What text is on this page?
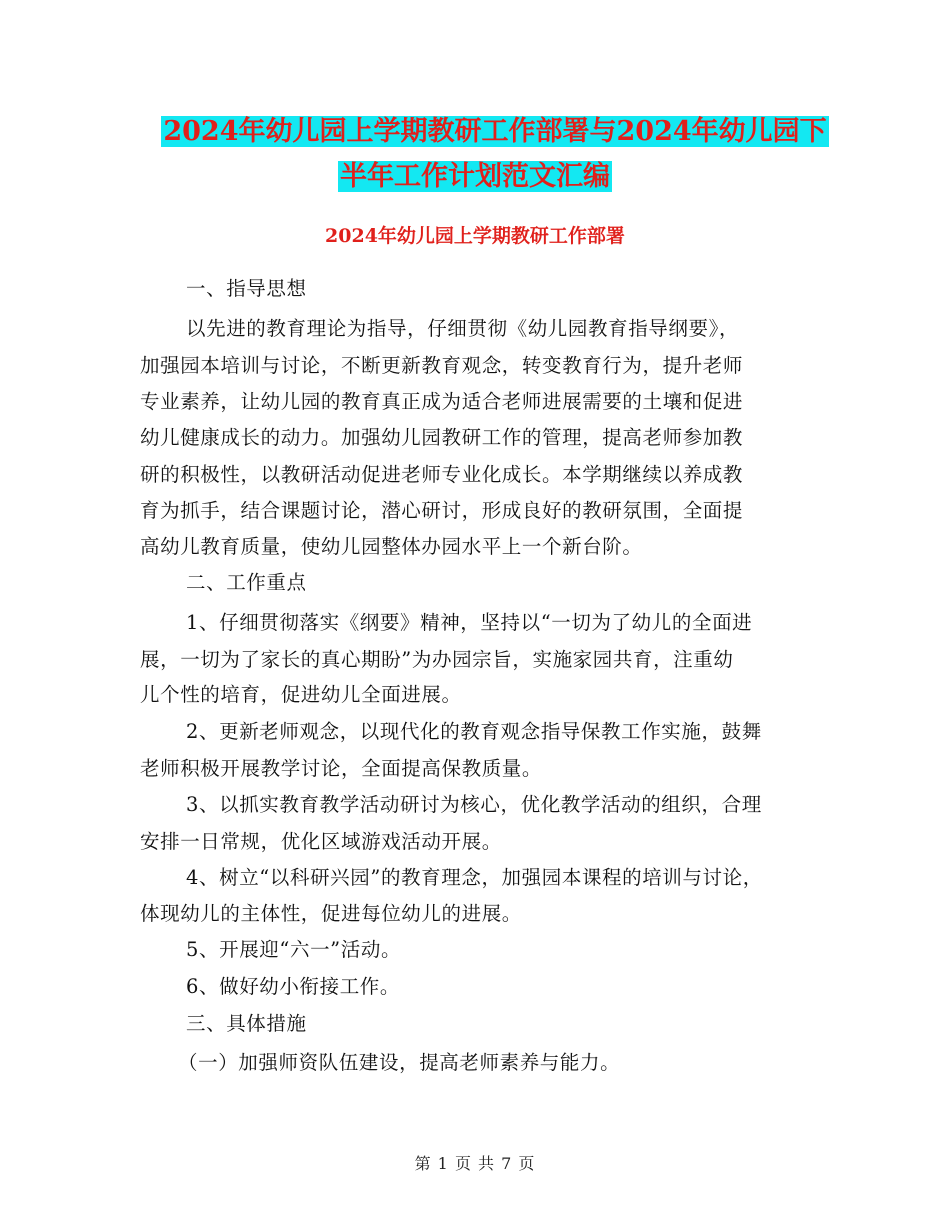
2024年幼儿园上学期教研工作部署与2024年幼儿园下
半年工作计划范文汇编
2024年幼儿园上学期教研工作部署
一、指导思想
以先进的教育理论为指导，仔细贯彻《幼儿园教育指导纲要》，
加强园本培训与讨论，不断更新教育观念，转变教育行为，提升老师
专业素养，让幼儿园的教育真正成为适合老师进展需要的土壤和促进
幼儿健康成长的动力。加强幼儿园教研工作的管理，提高老师参加教
研的积极性，以教研活动促进老师专业化成长。本学期继续以养成教
育为抓手，结合课题讨论，潜心研讨，形成良好的教研氛围，全面提
高幼儿教育质量，使幼儿园整体办园水平上一个新台阶。
二、工作重点
1、仔细贯彻落实《纲要》精神，坚持以“一切为了幼儿的全面进
展，一切为了家长的真心期盼”为办园宗旨，实施家园共育，注重幼
儿个性的培育，促进幼儿全面进展。
2、更新老师观念，以现代化的教育观念指导保教工作实施，鼓舞
老师积极开展教学讨论，全面提高保教质量。
3、以抓实教育教学活动研讨为核心，优化教学活动的组织，合理
安排一日常规，优化区域游戏活动开展。
4、树立“以科研兴园”的教育理念，加强园本课程的培训与讨论，
体现幼儿的主体性，促进每位幼儿的进展。
5、开展迎“六一”活动。
6、做好幼小衔接工作。
三、具体措施
（一）加强师资队伍建设，提高老师素养与能力。
第 1 页 共 7 页
